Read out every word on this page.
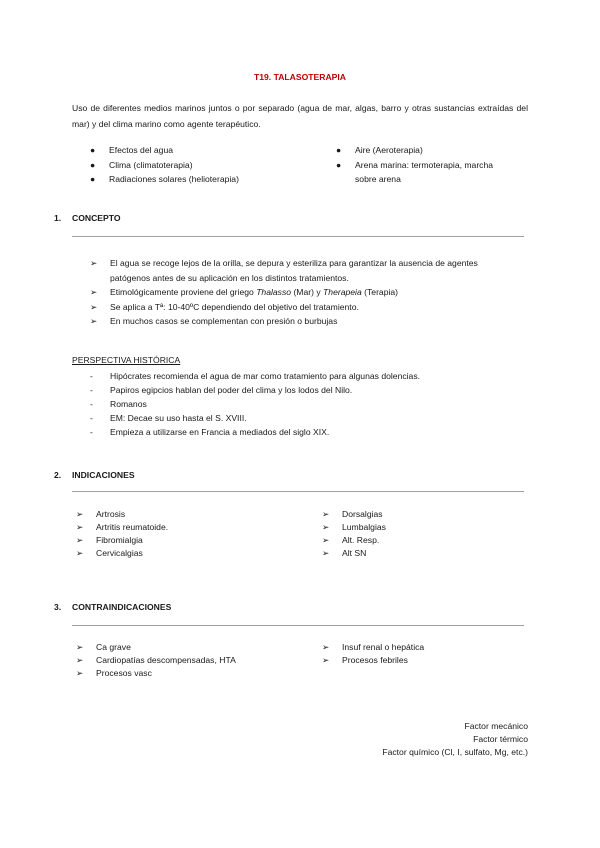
T19. TALASOTERAPIA
Uso de diferentes medios marinos juntos o por separado (agua de mar, algas, barro y otras sustancias extraídas del mar) y del clima marino como agente terapéutico.
● Efectos del agua
● Clima (climatoterapia)
● Radiaciones solares (helioterapia)
● Aire (Aeroterapia)
● Arena marina: termoterapia, marcha sobre arena
1. CONCEPTO
➢ El agua se recoge lejos de la orilla, se depura y esteriliza para garantizar la ausencia de agentes patógenos antes de su aplicación en los distintos tratamientos.
➢ Etimológicamente proviene del griego Thalasso (Mar) y Therapeia (Terapia)
➢ Se aplica a Tª: 10-40ºC dependiendo del objetivo del tratamiento.
➢ En muchos casos se complementan con presión o burbujas
PERSPECTIVA HISTÓRICA
- Hipócrates recomienda el agua de mar como tratamiento para algunas dolencias.
- Papiros egipcios hablan del poder del clima y los lodos del Nilo.
- Romanos
- EM: Decae su uso hasta el S. XVIII.
- Empieza a utilizarse en Francia a mediados del siglo XIX.
2. INDICACIONES
➢ Artrosis
➢ Artritis reumatoide.
➢ Fibromialgia
➢ Cervicalgias
➢ Dorsalgias
➢ Lumbalgias
➢ Alt. Resp.
➢ Alt SN
3. CONTRAINDICACIONES
➢ Ca grave
➢ Cardiopatías descompensadas, HTA
➢ Procesos vasc
➢ Insuf renal o hepática
➢ Procesos febriles
Factor mecánico
Factor térmico
Factor químico (Cl, I, sulfato, Mg, etc.)
